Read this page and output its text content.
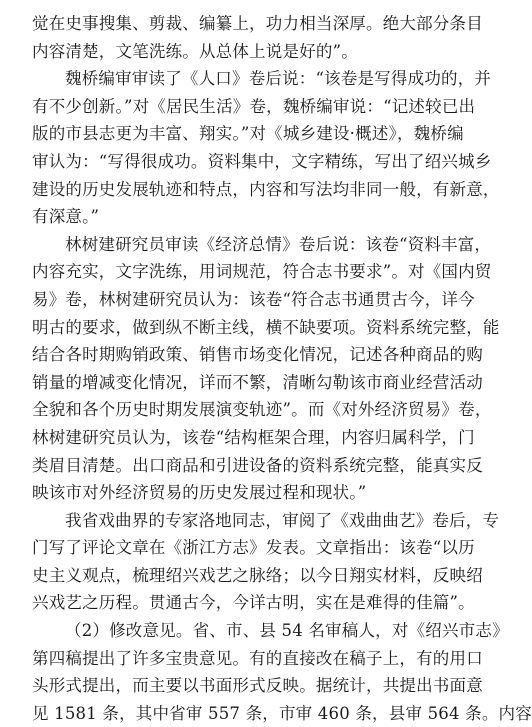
觉在史事搜集、剪裁、编纂上，功力相当深厚。绝大部分条目
内容清楚，文笔洗练。从总体上说是好的”。

魏桥编审审读了《人口》卷后说：“该卷是写得成功的，并
有不少创新。”对《居民生活》卷，魏桥编审说：“记述较已出
版的市县志更为丰富、翔实。”对《城乡建设·概述》，魏桥编
审认为：“写得很成功。资料集中，文字精练，写出了绍兴城乡
建设的历史发展轨迹和特点，内容和写法均非同一般，有新意，
有深意。”

林树建研究员审读《经济总情》卷后说：该卷“资料丰富，
内容充实，文字洗练，用词规范，符合志书要求”。对《国内贸
易》卷，林树建研究员认为：该卷“符合志书通贯古今，详今
明古的要求，做到纵不断主线，横不缺要项。资料系统完整，能
结合各时期购销政策、销售市场变化情况，记述各种商品的购
销量的增减变化情况，详而不繁，清晰勾勒该市商业经营活动
全貌和各个历史时期发展演变轨迹”。而《对外经济贸易》卷，
林树建研究员认为，该卷“结构框架合理，内容归属科学，门
类眉目清楚。出口商品和引进设备的资料系统完整，能真实反
映该市对外经济贸易的历史发展过程和现状。”

我省戏曲界的专家洛地同志，审阅了《戏曲曲艺》卷后，专
门写了评论文章在《浙江方志》发表。文章指出：该卷“以历
史主义观点，梳理绍兴戏艺之脉络；以今日翔实材料，反映绍
兴戏艺之历程。贯通古今，今详古明，实在是难得的佳篇”。

（2）修改意见。省、市、县 54 名审稿人，对《绍兴市志》
第四稿提出了许多宝贵意见。有的直接改在稿子上，有的用口
头形式提出，而主要以书面形式反映。据统计，共提出书面意
见 1581 条，其中省审 557 条，市审 460 条，县审 564 条。内容
